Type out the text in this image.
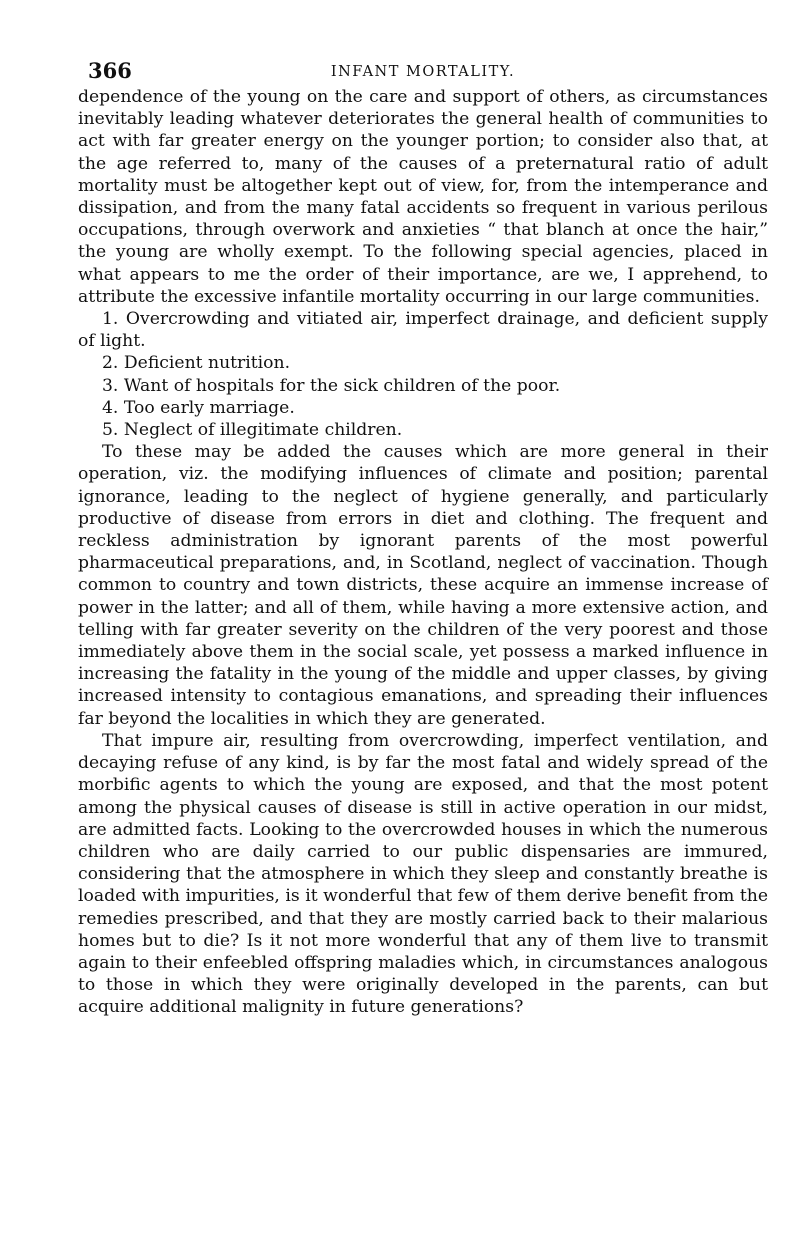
366	INFANT MORTALITY.

dependence of the young on the care and support of others, as circumstances inevitably leading whatever deteriorates the general health of communities to act with far greater energy on the younger portion; to consider also that, at the age referred to, many of the causes of a preternatural ratio of adult mortality must be altogether kept out of view, for, from the intemperance and dissipation, and from the many fatal accidents so frequent in various perilous occupations, through overwork and anxieties “ that blanch at once the hair,” the young are wholly exempt. To the following special agencies, placed in what appears to me the order of their importance, are we, I apprehend, to attribute the excessive infantile mortality occurring in our large communities.

1. Overcrowding and vitiated air, imperfect drainage, and deficient supply of light.

2. Deficient nutrition.

3. Want of hospitals for the sick children of the poor.

4. Too early marriage.

5. Neglect of illegitimate children.

To these may be added the causes which are more general in their operation, viz. the modifying influences of climate and position; parental ignorance, leading to the neglect of hygiene generally, and particularly productive of disease from errors in diet and clothing. The frequent and reckless administration by ignorant parents of the most powerful pharmaceutical preparations, and, in Scotland, neglect of vaccination. Though common to country and town districts, these acquire an immense increase of power in the latter; and all of them, while having a more extensive action, and telling with far greater severity on the children of the very poorest and those immediately above them in the social scale, yet possess a marked influence in increasing the fatality in the young of the middle and upper classes, by giving increased intensity to contagious emanations, and spreading their influences far beyond the localities in which they are generated.

That impure air, resulting from overcrowding, imperfect ventilation, and decaying refuse of any kind, is by far the most fatal and widely spread of the morbific agents to which the young are exposed, and that the most potent among the physical causes of disease is still in active operation in our midst, are admitted facts. Looking to the overcrowded houses in which the numerous children who are daily carried to our public dispensaries are immured, considering that the atmosphere in which they sleep and constantly breathe is loaded with impurities, is it wonderful that few of them derive benefit from the remedies prescribed, and that they are mostly carried back to their malarious homes but to die? Is it not more wonderful that any of them live to transmit again to their enfeebled offspring maladies which, in circumstances analogous to those in which they were originally developed in the parents, can but acquire additional malignity in future generations?
